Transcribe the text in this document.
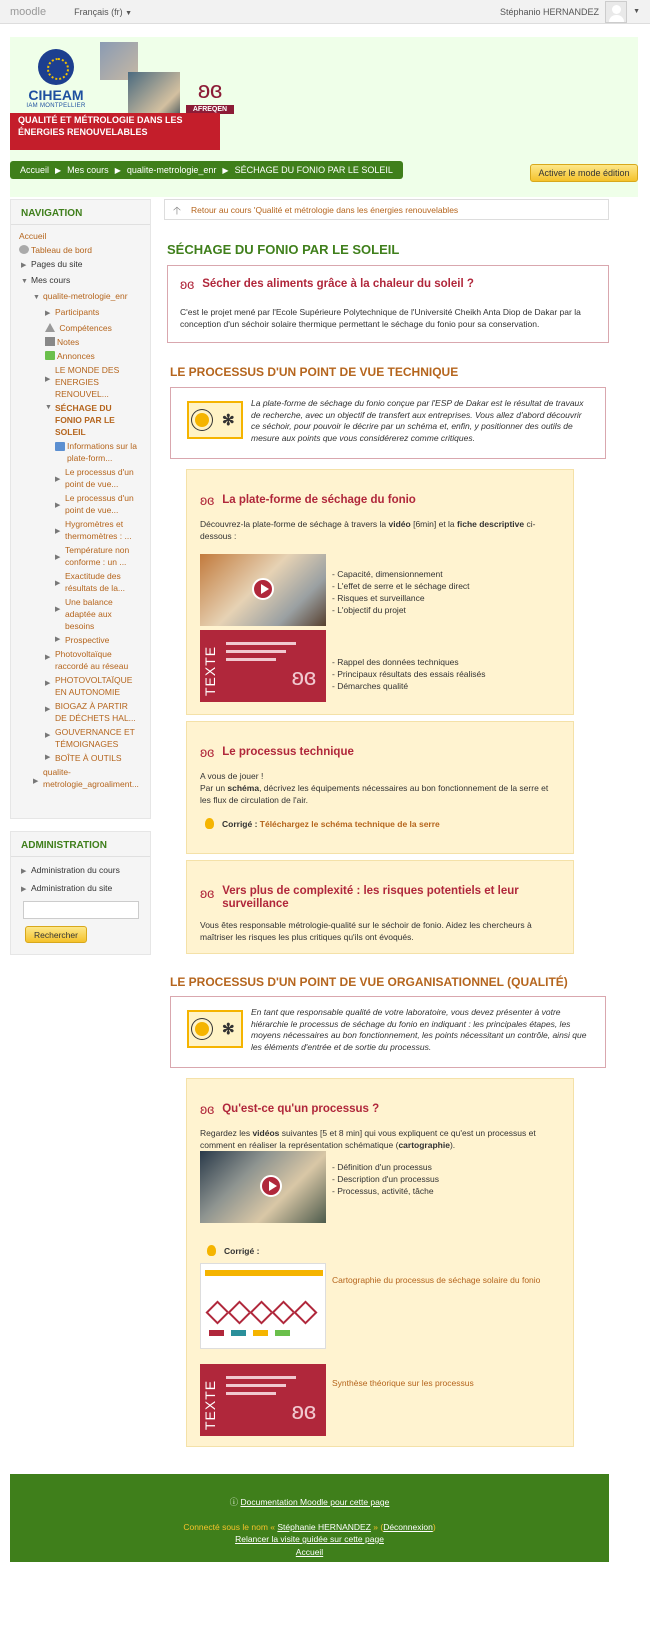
moodle	Français (fr) ▼	Stéphanio HERNANDEZ	▼
CIHEAM
IAM MONTPELLIER
ʚɞ
AFREQEN
QUALITÉ ET MÉTROLOGIE DANS LES ÉNERGIES RENOUVELABLES
Accueil ▶ Mes cours ▶ qualite-metrologie_enr ▶ SÉCHAGE DU FONIO PAR LE SOLEIL	Activer le mode édition
NAVIGATION
Accueil
Tableau de bord
▶ Pages du site
▼ Mes cours
▼ qualite-metrologie_enr
▶ Participants
Compétences
Notes
Annonces
▶
LE MONDE DES ENERGIES RENOUVEL...
▼ SÉCHAGE DU FONIO PAR LE SOLEIL
Informations sur la plate-form...
▶
Le processus d'un point de vue...
▶
Le processus d'un point de vue...
▶
Hygromètres et thermomètres : ...
▶
Température non conforme : un ...
▶
Exactitude des résultats de la...
▶
Une balance adaptée aux besoins
▶ Prospective
▶ Photovoltaïque raccordé au réseau
▶ PHOTOVOLTAÏQUE EN AUTONOMIE
▶ BIOGAZ À PARTIR DE DÉCHETS HAL...
▶ GOUVERNANCE ET TÉMOIGNAGES
▶ BOÎTE À OUTILS
▶
qualite-metrologie_agroaliment...
ADMINISTRATION
▶ Administration du cours
▶ Administration du site
Rechercher
🡡 Retour au cours 'Qualité et métrologie dans les énergies renouvelables
SÉCHAGE DU FONIO PAR LE SOLEIL
ʚɞ Sécher des aliments grâce à la chaleur du soleil ?
C'est le projet mené par l'Ecole Supérieure Polytechnique de l'Université Cheikh Anta Diop de Dakar par la conception d'un séchoir solaire thermique permettant le séchage du fonio pour sa conservation.
LE PROCESSUS D'UN POINT DE VUE TECHNIQUE
✻
La plate-forme de séchage du fonio conçue par l'ESP de Dakar est le résultat de travaux de recherche, avec un objectif de transfert aux entreprises. Vous allez d'abord découvrir ce séchoir, pour pouvoir le décrire par un schéma et, enfin, y positionner des outils de mesure aux points que vous considérerez comme critiques.
ʚɞ La plate-forme de séchage du fonio
Découvrez-la plate-forme de séchage à travers la vidéo [6min] et la fiche descriptive ci-dessous :
- Capacité, dimensionnement
- L'effet de serre et le séchage direct
- Risques et surveillance
- L'objectif du projet
TEXTE	ʚɞ
- Rappel des données techniques
- Principaux résultats des essais réalisés
- Démarches qualité
ʚɞ Le processus technique
A vous de jouer !
Par un schéma, décrivez les équipements nécessaires au bon fonctionnement de la serre et les flux de circulation de l'air.
Corrigé : Téléchargez le schéma technique de la serre
ʚɞ Vers plus de complexité : les risques potentiels et leur surveillance
Vous êtes responsable métrologie-qualité sur le séchoir de fonio. Aidez les chercheurs à maîtriser les risques les plus critiques qu'ils ont évoqués.
LE PROCESSUS D'UN POINT DE VUE ORGANISATIONNEL (QUALITÉ)
✻
En tant que responsable qualité de votre laboratoire, vous devez présenter à votre hiérarchie le processus de séchage du fonio en indiquant : les principales étapes, les moyens nécessaires au bon fonctionnement, les points nécessitant un contrôle, ainsi que les éléments d'entrée et de sortie du processus.
ʚɞ Qu'est-ce qu'un processus ?
Regardez les vidéos suivantes [5 et 8 min] qui vous expliquent ce qu'est un processus et comment en réaliser la représentation schématique (cartographie).
- Définition d'un processus
- Description d'un processus
- Processus, activité, tâche
Corrigé :
Cartographie du processus de séchage solaire du fonio
TEXTE	ʚɞ
Synthèse théorique sur les processus
ⓘ Documentation Moodle pour cette page
Connecté sous le nom « Stéphanie HERNANDEZ » (Déconnexion)
Relancer la visite guidée sur cette page
Accueil
